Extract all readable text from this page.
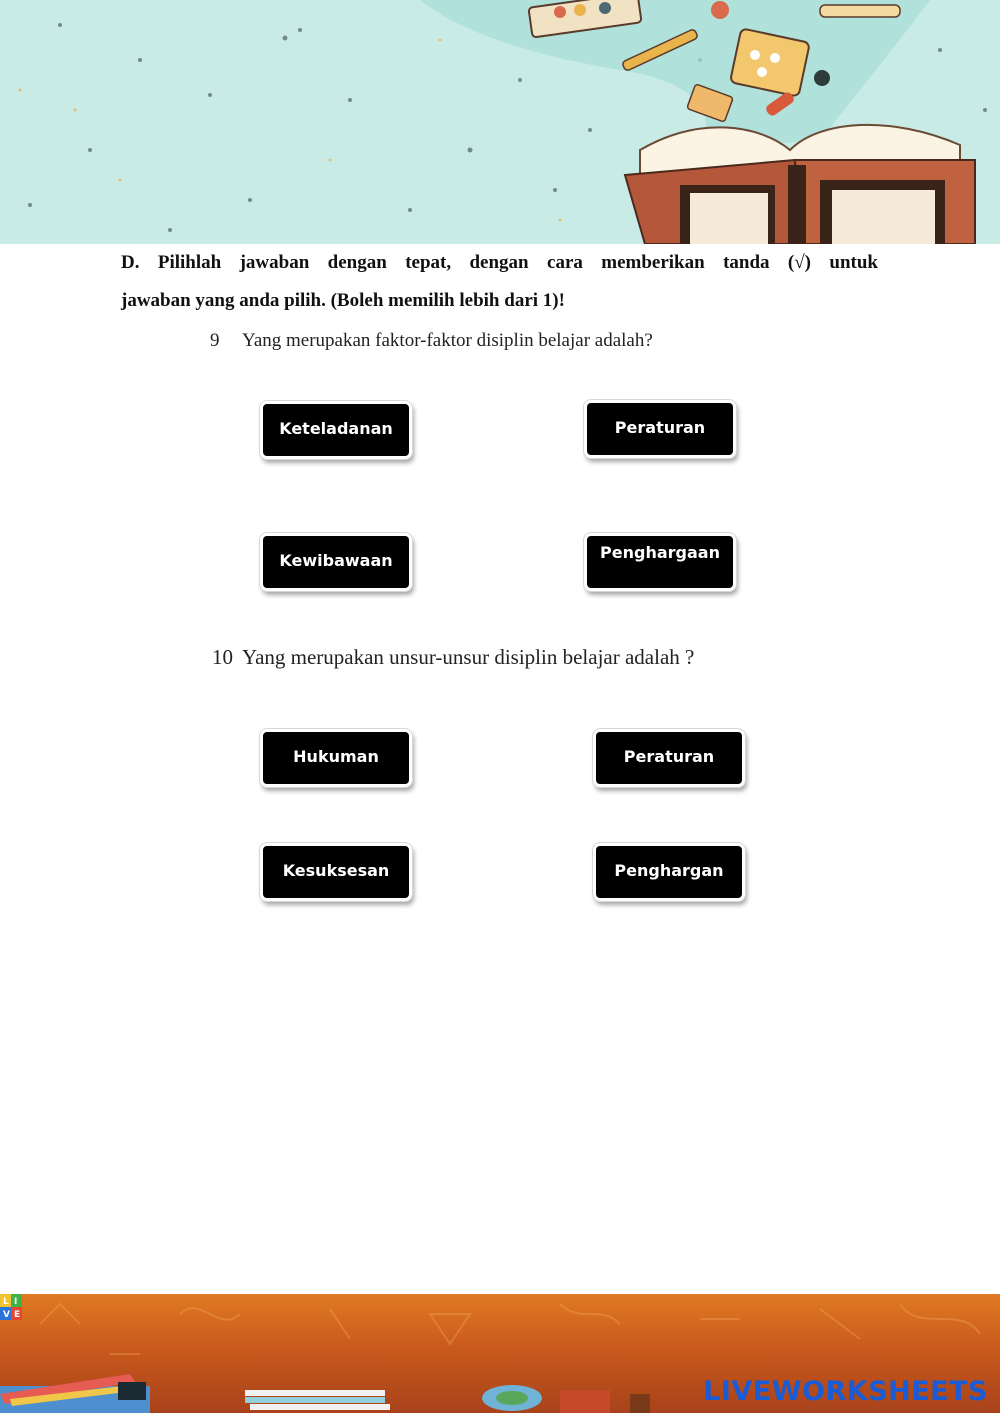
D. Pilihlah jawaban dengan tepat, dengan cara memberikan tanda (√) untuk
jawaban yang anda pilih. (Boleh memilih lebih dari 1)!
9 Yang merupakan faktor-faktor disiplin belajar adalah?
Keteladanan	Peraturan
Kewibawaan	Penghargaan
10 Yang merupakan unsur-unsur disiplin belajar adalah ?
Hukuman	Peraturan
Kesuksesan	Penghargan
L I
V E
LIVEWORKSHEETS
